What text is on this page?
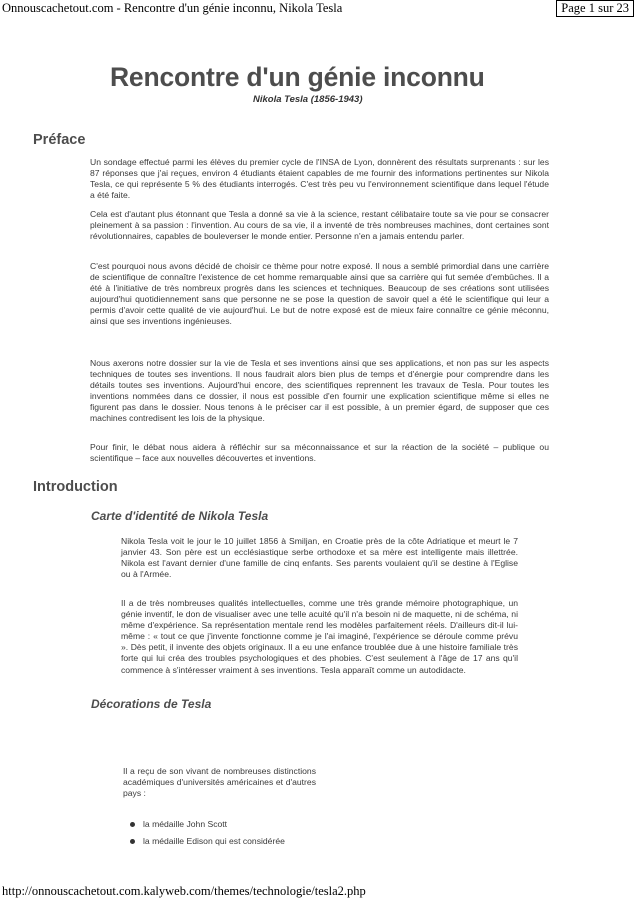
Onnouscachetout.com - Rencontre d'un génie inconnu, Nikola Tesla	Page 1 sur 23
Rencontre d'un génie inconnu
Nikola Tesla (1856-1943)
Préface

Un sondage effectué parmi les élèves du premier cycle de l'INSA de Lyon, donnèrent des résultats surprenants : sur les 87 réponses que j'ai reçues, environ 4 étudiants étaient capables de me fournir des informations pertinentes sur Nikola Tesla, ce qui représente 5 % des étudiants interrogés. C'est très peu vu l'environnement scientifique dans lequel l'étude a été faite.

Cela est d'autant plus étonnant que Tesla a donné sa vie à la science, restant célibataire toute sa vie pour se consacrer pleinement à sa passion : l'invention. Au cours de sa vie, il a inventé de très nombreuses machines, dont certaines sont révolutionnaires, capables de bouleverser le monde entier. Personne n'en a jamais entendu parler.

C'est pourquoi nous avons décidé de choisir ce thème pour notre exposé. Il nous a semblé primordial dans une carrière de scientifique de connaître l'existence de cet homme remarquable ainsi que sa carrière qui fut semée d'embûches. Il a été à l'initiative de très nombreux progrès dans les sciences et techniques. Beaucoup de ses créations sont utilisées aujourd'hui quotidiennement sans que personne ne se pose la question de savoir quel a été le scientifique qui leur a permis d'avoir cette qualité de vie aujourd'hui. Le but de notre exposé est de mieux faire connaître ce génie méconnu, ainsi que ses inventions ingénieuses.

Nous axerons notre dossier sur la vie de Tesla et ses inventions ainsi que ses applications, et non pas sur les aspects techniques de toutes ses inventions. Il nous faudrait alors bien plus de temps et d'énergie pour comprendre dans les détails toutes ses inventions. Aujourd'hui encore, des scientifiques reprennent les travaux de Tesla. Pour toutes les inventions nommées dans ce dossier, il nous est possible d'en fournir une explication scientifique même si elles ne figurent pas dans le dossier. Nous tenons à le préciser car il est possible, à un premier égard, de supposer que ces machines contredisent les lois de la physique.

Pour finir, le débat nous aidera à réfléchir sur sa méconnaissance et sur la réaction de la société – publique ou scientifique – face aux nouvelles découvertes et inventions.

Introduction
Carte d'identité de Nikola Tesla

Nikola Tesla voit le jour le 10 juillet 1856 à Smiljan, en Croatie près de la côte Adriatique et meurt le 7 janvier 43. Son père est un ecclésiastique serbe orthodoxe et sa mère est intelligente mais illettrée. Nikola est l'avant dernier d'une famille de cinq enfants. Ses parents voulaient qu'il se destine à l'Eglise ou à l'Armée.

Il a de très nombreuses qualités intellectuelles, comme une très grande mémoire photographique, un génie inventif, le don de visualiser avec une telle acuité qu'il n'a besoin ni de maquette, ni de schéma, ni même d'expérience. Sa représentation mentale rend les modèles parfaitement réels. D'ailleurs dit-il lui-même : « tout ce que j'invente fonctionne comme je l'ai imaginé, l'expérience se déroule comme prévu ». Dès petit, il invente des objets originaux. Il a eu une enfance troublée due à une histoire familiale très forte qui lui créa des troubles psychologiques et des phobies. C'est seulement à l'âge de 17 ans qu'il commence à s'intéresser vraiment à ses inventions. Tesla apparaît comme un autodidacte.

Décorations de Tesla

Il a reçu de son vivant de nombreuses distinctions académiques d'universités américaines et d'autres pays :

la médaille John Scott
la médaille Edison qui est considérée
http://onnouscachetout.com.kalyweb.com/themes/technologie/tesla2.php
